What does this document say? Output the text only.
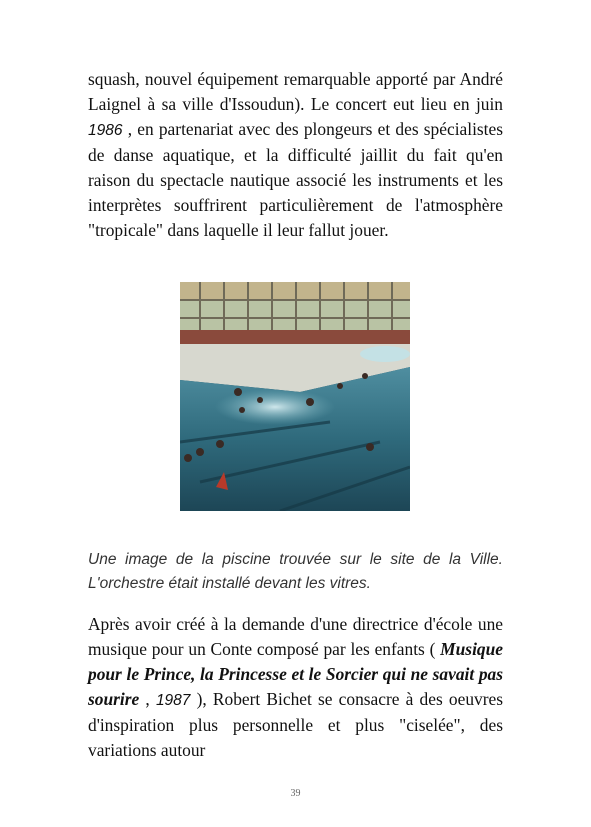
squash, nouvel équipement remarquable apporté par André Laignel à sa ville d'Issoudun). Le concert eut lieu en juin 1986 , en partenariat avec des plongeurs et des spécialistes de danse aquatique, et la difficulté jaillit du fait qu'en raison du spectacle nautique associé les instruments et les interprètes souffrirent particulièrement de l'atmosphère "tropicale" dans laquelle il leur fallut jouer.
Une image de la piscine trouvée sur le site de la Ville. L'orchestre était installé devant les vitres.
Après avoir créé à la demande d'une directrice d'école une musique pour un Conte composé par les enfants ( Musique pour le Prince, la Princesse et le Sorcier qui ne savait pas sourire , 1987 ), Robert Bichet se consacre à des oeuvres d'inspiration plus personnelle et plus "ciselée", des variations autour
39
